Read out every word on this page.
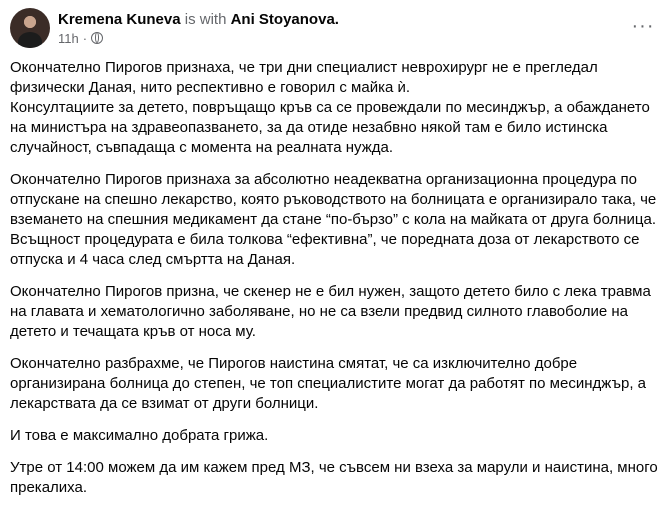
Kremena Kuneva is with Ani Stoyanova.
11h ·
···

Окончателно Пирогов признаха, че три дни специалист неврохирург не е прегледал физически Даная, нито респективно е говорил с майка ѝ.
Консултациите за детето, повръщащо кръв са се провеждали по месинджър, а обаждането на министъра на здравеопазването, за да отиде незабвно някой там е било истинска случайност, съвпадаща с момента на реалната нужда.

Окончателно Пирогов признаха за абсолютно неадекватна организационна процедура по отпускане на спешно лекарство, която ръководството на болницата е организирало така, че вземането на спешния медикамент да стане “по-бързо” с кола на майката от друга болница. Всъщност процедурата е била толкова “ефективна”, че поредната доза от лекарството се отпуска и 4 часа след смъртта на Даная.

Окончателно Пирогов призна, че скенер не е бил нужен, защото детето било с лека травма на главата и хематологично заболяване, но не са взели предвид силното главоболие на детето и течащата кръв от носа му.

Окончателно разбрахме, че Пирогов наистина смятат, че са изключително добре организирана болница до степен, че топ специалистите могат да работят по месинджър, а лекарствата да се взимат от други болници.

И това е максимално добрата грижа.

Утре от 14:00 можем да им кажем пред МЗ, че съвсем ни взеха за марули и наистина, много прекалиха.
